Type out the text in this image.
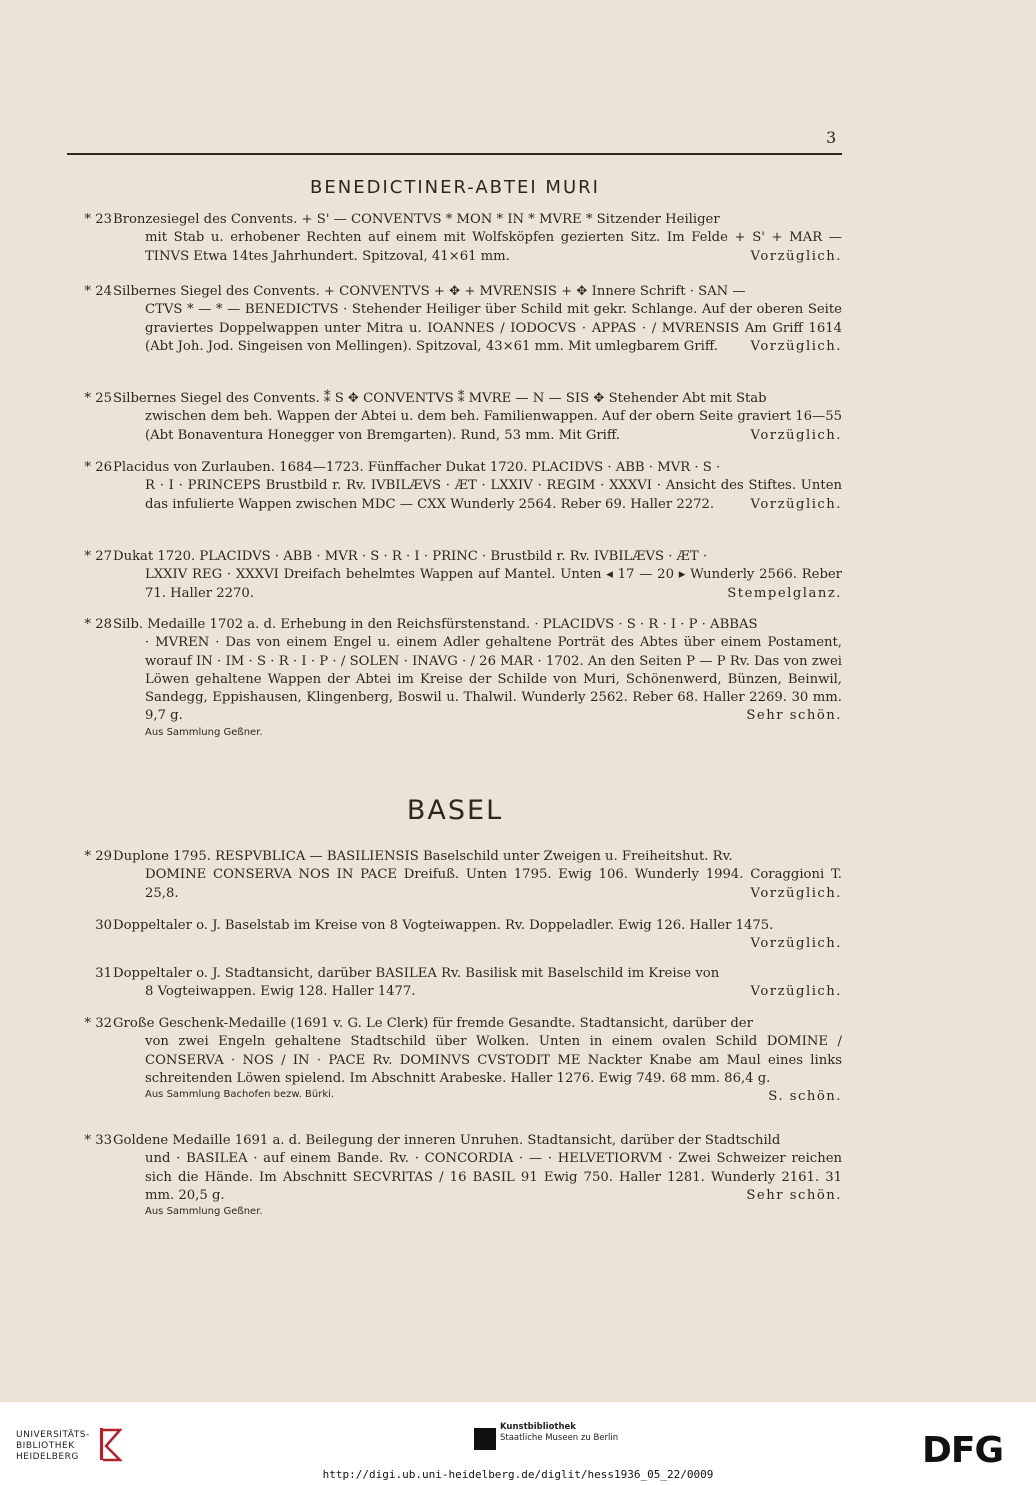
3
BENEDICTINER-ABTEI MURI
BASEL
* 23 Bronzesiegel des Convents. + S' — CONVENTVS * MON * IN * MVRE * Sitzender Heiliger
mit Stab u. erhobener Rechten auf einem mit Wolfsköpfen gezierten Sitz. Im Felde + S' + MAR — TINVS Etwa 14tes Jahrhundert. Spitzoval, 41×61 mm.	Vorzüglich.
* 24 Silbernes Siegel des Convents. + CONVENTVS + ✥ + MVRENSIS + ✥ Innere Schrift · SAN —
CTVS * — * — BENEDICTVS · Stehender Heiliger über Schild mit gekr. Schlange. Auf der oberen Seite graviertes Doppelwappen unter Mitra u. IOANNES / IODOCVS · APPAS · / MVRENSIS Am Griff 1614 (Abt Joh. Jod. Singeisen von Mellingen). Spitzoval, 43×61 mm. Mit umlegbarem Griff. Vorzüglich.
* 25 Silbernes Siegel des Convents. ⁑ S ✥ CONVENTVS ⁑ MVRE — N — SIS ✥ Stehender Abt mit Stab
zwischen dem beh. Wappen der Abtei u. dem beh. Familienwappen. Auf der obern Seite graviert 16—55 (Abt Bonaventura Honegger von Bremgarten). Rund, 53 mm. Mit Griff.	Vorzüglich.
* 26 Placidus von Zurlauben. 1684—1723. Fünffacher Dukat 1720. PLACIDVS · ABB · MVR · S ·
R · I · PRINCEPS Brustbild r. Rv. IVBILÆVS · ÆT · LXXIV · REGIM · XXXVI · Ansicht des Stiftes. Unten das infulierte Wappen zwischen MDC — CXX Wunderly 2564. Reber 69. Haller 2272.	Vorzüglich.
* 27 Dukat 1720. PLACIDVS · ABB · MVR · S · R · I · PRINC · Brustbild r. Rv. IVBILÆVS · ÆT ·
LXXIV REG · XXXVI Dreifach behelmtes Wappen auf Mantel. Unten ◂ 17 — 20 ▸ Wunderly 2566. Reber 71. Haller 2270.	Stempelglanz.
* 28 Silb. Medaille 1702 a. d. Erhebung in den Reichsfürstenstand. · PLACIDVS · S · R · I · P · ABBAS
· MVREN · Das von einem Engel u. einem Adler gehaltene Porträt des Abtes über einem Postament, worauf IN · IM · S · R · I · P · / SOLEN · INAVG · / 26 MAR · 1702. An den Seiten P — P Rv. Das von zwei Löwen gehaltene Wappen der Abtei im Kreise der Schilde von Muri, Schönenwerd, Bünzen, Beinwil, Sandegg, Eppishausen, Klingenberg, Boswil u. Thalwil. Wunderly 2562. Reber 68. Haller 2269. 30 mm. 9,7 g.	Sehr schön.
Aus Sammlung Geßner.
* 29 Duplone 1795. RESPVBLICA — BASILIENSIS Baselschild unter Zweigen u. Freiheitshut. Rv.
DOMINE CONSERVA NOS IN PACE Dreifuß. Unten 1795. Ewig 106. Wunderly 1994. Coraggioni T. 25,8.	Vorzüglich.
30 Doppeltaler o. J. Baselstab im Kreise von 8 Vogteiwappen. Rv. Doppeladler. Ewig 126. Haller 1475.
Vorzüglich.
31 Doppeltaler o. J. Stadtansicht, darüber BASILEA Rv. Basilisk mit Baselschild im Kreise von
8 Vogteiwappen. Ewig 128. Haller 1477.	Vorzüglich.
* 32 Große Geschenk-Medaille (1691 v. G. Le Clerk) für fremde Gesandte. Stadtansicht, darüber der
von zwei Engeln gehaltene Stadtschild über Wolken. Unten in einem ovalen Schild DOMINE / CONSERVA · NOS / IN · PACE Rv. DOMINVS CVSTODIT ME Nackter Knabe am Maul eines links schreitenden Löwen spielend. Im Abschnitt Arabeske. Haller 1276. Ewig 749. 68 mm. 86,4 g.
S. schön.
Aus Sammlung Bachofen bezw. Bürki.
* 33 Goldene Medaille 1691 a. d. Beilegung der inneren Unruhen. Stadtansicht, darüber der Stadtschild
und · BASILEA · auf einem Bande. Rv. · CONCORDIA · — · HELVETIORVM · Zwei Schweizer reichen sich die Hände. Im Abschnitt SECVRITAS / 16 BASIL 91 Ewig 750. Haller 1281. Wunderly 2161. 31 mm. 20,5 g.	Sehr schön.
Aus Sammlung Geßner.
UNIVERSITÄTS-
BIBLIOTHEK
HEIDELBERG
Kunstbibliothek
Staatliche Museen zu Berlin	DFG
http://digi.ub.uni-heidelberg.de/diglit/hess1936_05_22/0009
